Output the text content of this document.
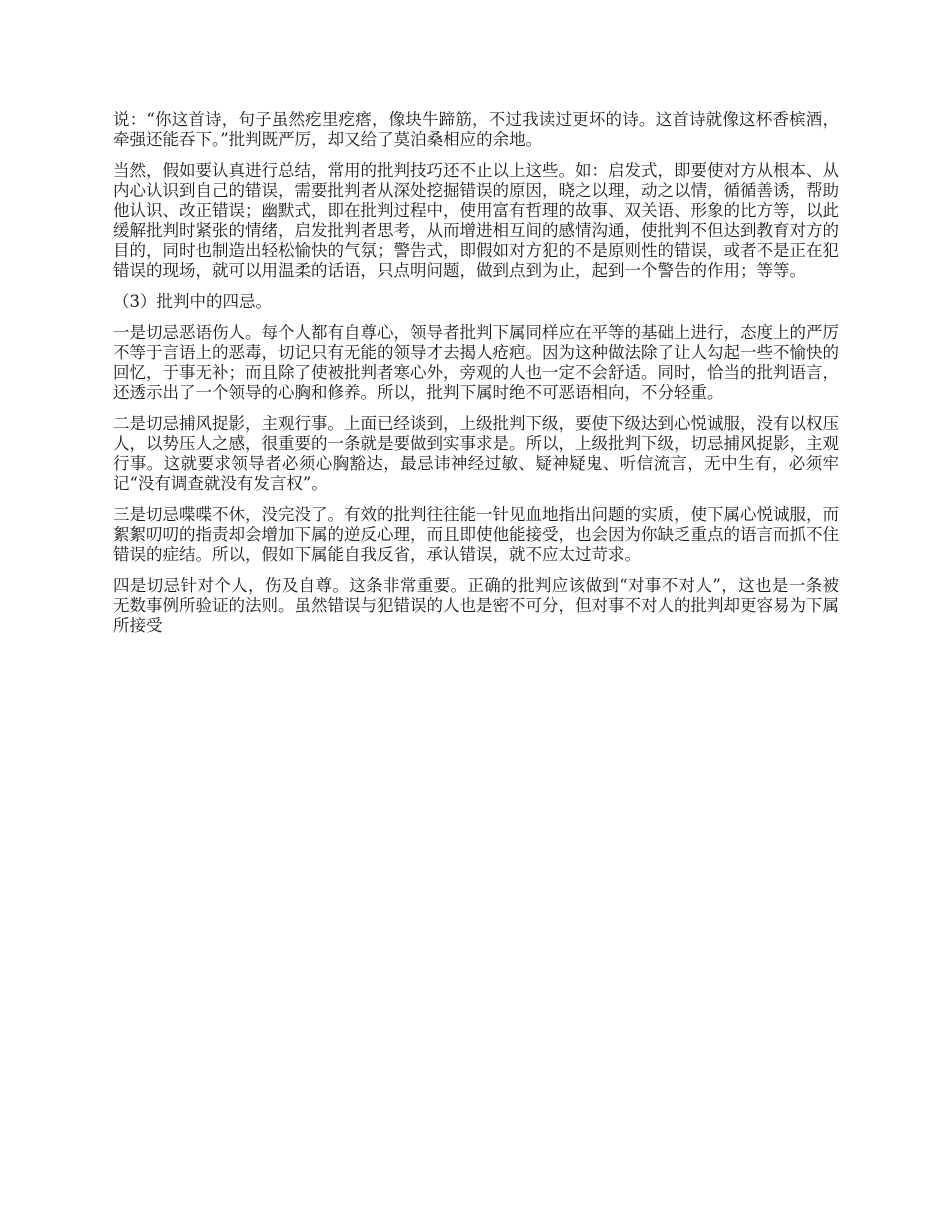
说：“你这首诗，句子虽然疙里疙瘩，像块牛蹄筋，不过我读过更坏的诗。这首诗就像这杯香槟酒，牵强还能吞下。”批判既严厉，却又给了莫泊桑相应的余地。

当然，假如要认真进行总结，常用的批判技巧还不止以上这些。如：启发式，即要使对方从根本、从内心认识到自己的错误，需要批判者从深处挖掘错误的原因，晓之以理，动之以情，循循善诱，帮助他认识、改正错误；幽默式，即在批判过程中，使用富有哲理的故事、双关语、形象的比方等，以此缓解批判时紧张的情绪，启发批判者思考，从而增进相互间的感情沟通，使批判不但达到教育对方的目的，同时也制造出轻松愉快的气氛；警告式，即假如对方犯的不是原则性的错误，或者不是正在犯错误的现场，就可以用温柔的话语，只点明问题，做到点到为止，起到一个警告的作用；等等。

（3）批判中的四忌。

一是切忌恶语伤人。每个人都有自尊心，领导者批判下属同样应在平等的基础上进行，态度上的严厉不等于言语上的恶毒，切记只有无能的领导才去揭人疮疤。因为这种做法除了让人勾起一些不愉快的回忆，于事无补；而且除了使被批判者寒心外，旁观的人也一定不会舒适。同时，恰当的批判语言，还透示出了一个领导的心胸和修养。所以，批判下属时绝不可恶语相向，不分轻重。

二是切忌捕风捉影，主观行事。上面已经谈到，上级批判下级，要使下级达到心悦诚服，没有以权压人，以势压人之感，很重要的一条就是要做到实事求是。所以，上级批判下级，切忌捕风捉影，主观行事。这就要求领导者必须心胸豁达，最忌讳神经过敏、疑神疑鬼、听信流言，无中生有，必须牢记“没有调查就没有发言权”。

三是切忌喋喋不休，没完没了。有效的批判往往能一针见血地指出问题的实质，使下属心悦诚服，而絮絮叨叨的指责却会增加下属的逆反心理，而且即使他能接受，也会因为你缺乏重点的语言而抓不住错误的症结。所以，假如下属能自我反省，承认错误，就不应太过苛求。

四是切忌针对个人，伤及自尊。这条非常重要。正确的批判应该做到“对事不对人”，这也是一条被无数事例所验证的法则。虽然错误与犯错误的人也是密不可分，但对事不对人的批判却更容易为下属所接受
